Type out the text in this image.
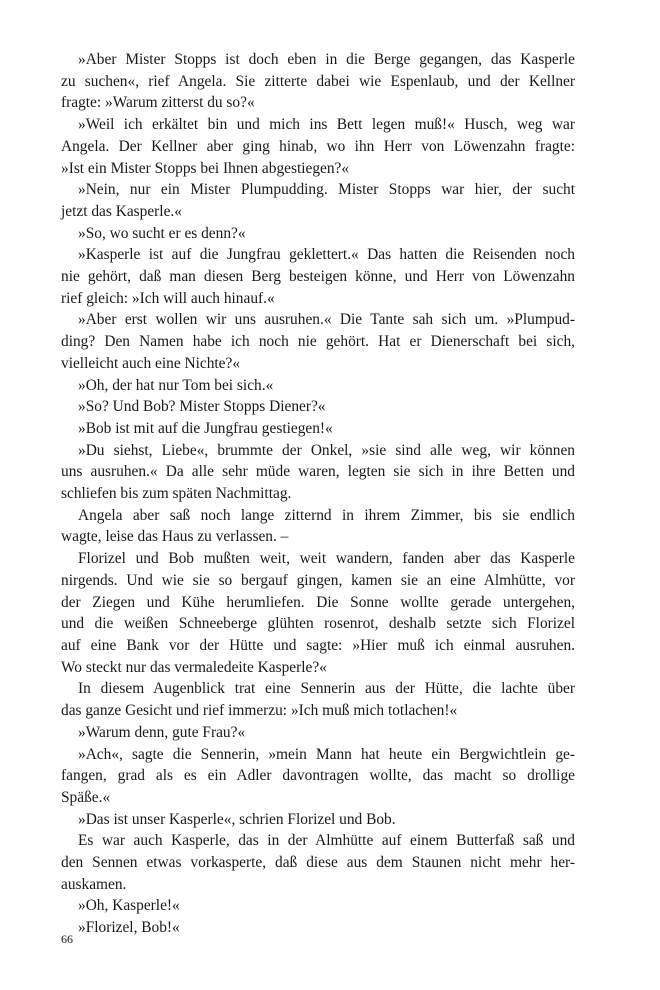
»Aber Mister Stopps ist doch eben in die Berge gegangen, das Kasperle
zu suchen«, rief Angela. Sie zitterte dabei wie Espenlaub, und der Kellner
fragte: »Warum zitterst du so?«

»Weil ich erkältet bin und mich ins Bett legen muß!« Husch, weg war
Angela. Der Kellner aber ging hinab, wo ihn Herr von Löwenzahn fragte:
»Ist ein Mister Stopps bei Ihnen abgestiegen?«

»Nein, nur ein Mister Plumpudding. Mister Stopps war hier, der sucht
jetzt das Kasperle.«

»So, wo sucht er es denn?«

»Kasperle ist auf die Jungfrau geklettert.« Das hatten die Reisenden noch
nie gehört, daß man diesen Berg besteigen könne, und Herr von Löwenzahn
rief gleich: »Ich will auch hinauf.«

»Aber erst wollen wir uns ausruhen.« Die Tante sah sich um. »Plumpud-
ding? Den Namen habe ich noch nie gehört. Hat er Dienerschaft bei sich,
vielleicht auch eine Nichte?«

»Oh, der hat nur Tom bei sich.«

»So? Und Bob? Mister Stopps Diener?«

»Bob ist mit auf die Jungfrau gestiegen!«

»Du siehst, Liebe«, brummte der Onkel, »sie sind alle weg, wir können
uns ausruhen.« Da alle sehr müde waren, legten sie sich in ihre Betten und
schliefen bis zum späten Nachmittag.

Angela aber saß noch lange zitternd in ihrem Zimmer, bis sie endlich
wagte, leise das Haus zu verlassen. –

Florizel und Bob mußten weit, weit wandern, fanden aber das Kasperle
nirgends. Und wie sie so bergauf gingen, kamen sie an eine Almhütte, vor
der Ziegen und Kühe herumliefen. Die Sonne wollte gerade untergehen,
und die weißen Schneeberge glühten rosenrot, deshalb setzte sich Florizel
auf eine Bank vor der Hütte und sagte: »Hier muß ich einmal ausruhen.
Wo steckt nur das vermaledeite Kasperle?«

In diesem Augenblick trat eine Sennerin aus der Hütte, die lachte über
das ganze Gesicht und rief immerzu: »Ich muß mich totlachen!«

»Warum denn, gute Frau?«

»Ach«, sagte die Sennerin, »mein Mann hat heute ein Bergwichtlein ge-
fangen, grad als es ein Adler davontragen wollte, das macht so drollige
Späße.«

»Das ist unser Kasperle«, schrien Florizel und Bob.

Es war auch Kasperle, das in der Almhütte auf einem Butterfaß saß und
den Sennen etwas vorkasperte, daß diese aus dem Staunen nicht mehr her-
auskamen.

»Oh, Kasperle!«

»Florizel, Bob!«

66
